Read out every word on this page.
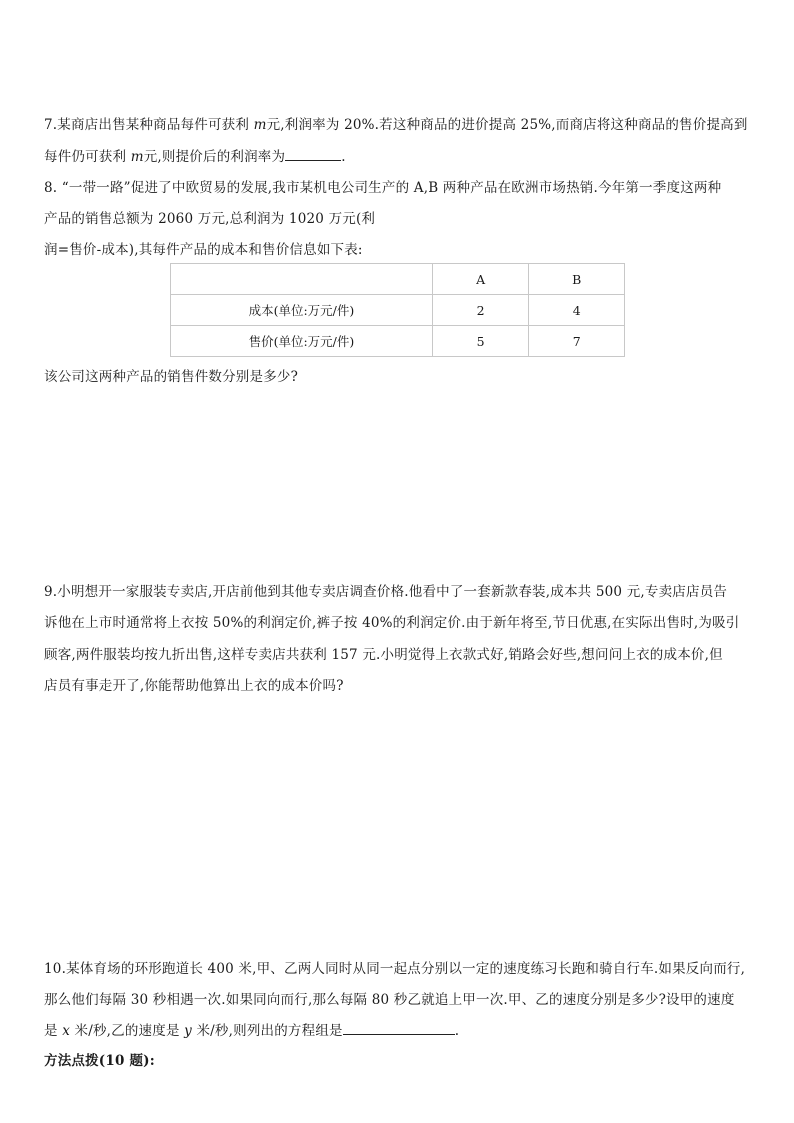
7.某商店出售某种商品每件可获利 m元,利润率为 20%.若这种商品的进价提高 25%,而商店将这种商品的售价提高到
每件仍可获利 m元,则提价后的利润率为	.
8. “一带一路”促进了中欧贸易的发展,我市某机电公司生产的 A,B 两种产品在欧洲市场热销.今年第一季度这两种
产品的销售总额为 2060 万元,总利润为 1020 万元(利
润=售价-成本),其每件产品的成本和售价信息如下表:
	A	B
成本(单位:万元/件)	2	4
售价(单位:万元/件)	5	7
该公司这两种产品的销售件数分别是多少?
9.小明想开一家服装专卖店,开店前他到其他专卖店调查价格.他看中了一套新款春装,成本共 500 元,专卖店店员告
诉他在上市时通常将上衣按 50%的利润定价,裤子按 40%的利润定价.由于新年将至,节日优惠,在实际出售时,为吸引
顾客,两件服装均按九折出售,这样专卖店共获利 157 元.小明觉得上衣款式好,销路会好些,想问问上衣的成本价,但
店员有事走开了,你能帮助他算出上衣的成本价吗?
10.某体育场的环形跑道长 400 米,甲、乙两人同时从同一起点分别以一定的速度练习长跑和骑自行车.如果反向而行,
那么他们每隔 30 秒相遇一次.如果同向而行,那么每隔 80 秒乙就追上甲一次.甲、乙的速度分别是多少?设甲的速度
是 x 米/秒,乙的速度是 y 米/秒,则列出的方程组是	.
方法点拨(10 题):
